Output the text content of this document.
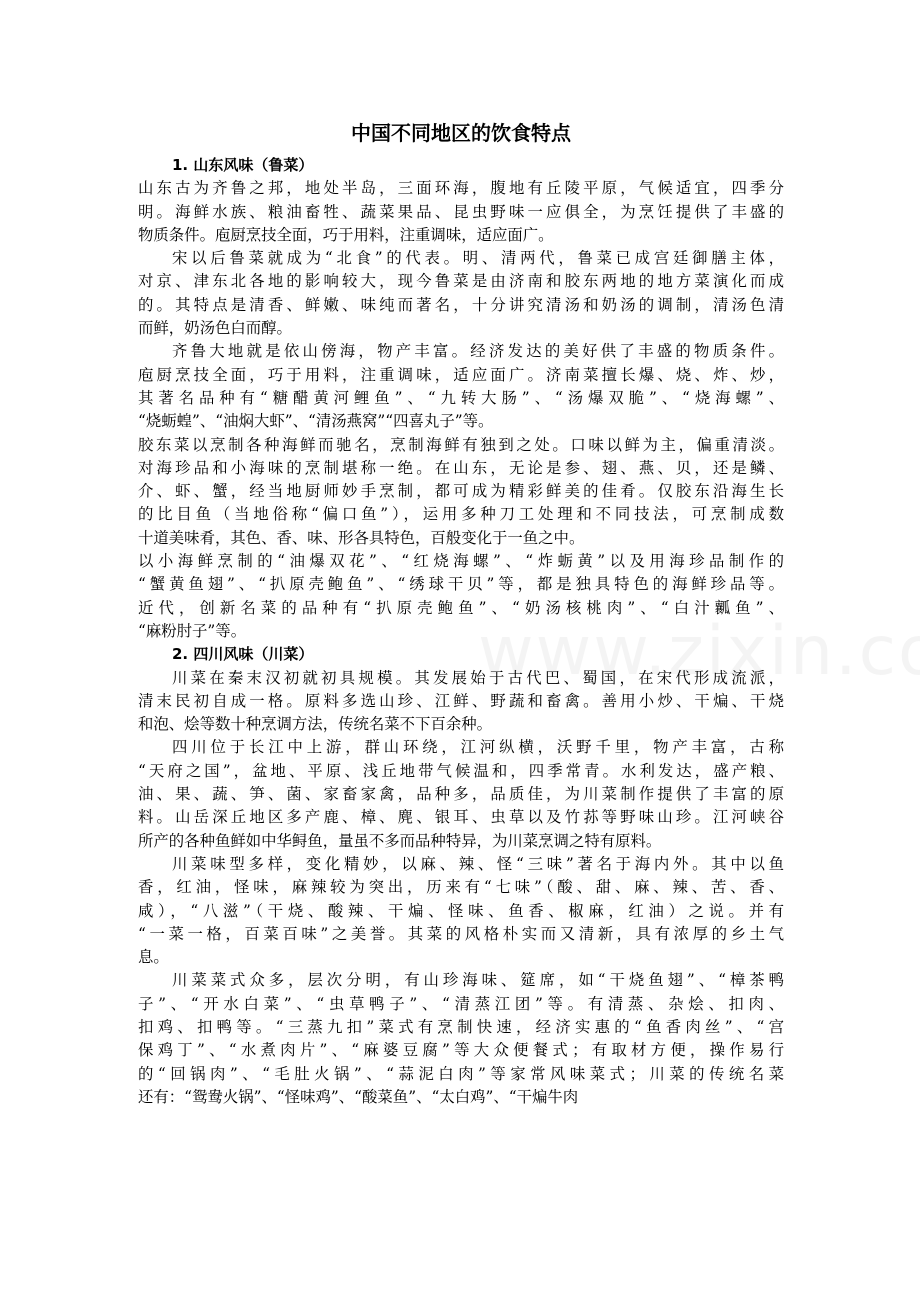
中国不同地区的饮食特点
1. 山东风味（鲁菜）
山东古为齐鲁之邦，地处半岛，三面环海，腹地有丘陵平原，气候适宜，四季分
明。海鲜水族、粮油畜牲、蔬菜果品、昆虫野味一应俱全，为烹饪提供了丰盛的
物质条件。庖厨烹技全面，巧于用料，注重调味，适应面广。
宋以后鲁菜就成为“北食”的代表。明、清两代，鲁菜已成宫廷御膳主体，
对京、津东北各地的影响较大，现今鲁菜是由济南和胶东两地的地方菜演化而成
的。其特点是清香、鲜嫩、味纯而著名，十分讲究清汤和奶汤的调制，清汤色清
而鲜，奶汤色白而醇。
齐鲁大地就是依山傍海，物产丰富。经济发达的美好供了丰盛的物质条件。
庖厨烹技全面，巧于用料，注重调味，适应面广。济南菜擅长爆、烧、炸、炒，
其著名品种有“糖醋黄河鲤鱼”、“九转大肠”、“汤爆双脆”、“烧海螺”、
“烧蛎蝗”、“油焖大虾”、“清汤燕窝”“四喜丸子”等。
胶东菜以烹制各种海鲜而驰名，烹制海鲜有独到之处。口味以鲜为主，偏重清淡。
对海珍品和小海味的烹制堪称一绝。在山东，无论是参、翅、燕、贝，还是鳞、
介、虾、蟹，经当地厨师妙手烹制，都可成为精彩鲜美的佳肴。仅胶东沿海生长
的比目鱼（当地俗称“偏口鱼”），运用多种刀工处理和不同技法，可烹制成数
十道美味肴，其色、香、味、形各具特色，百般变化于一鱼之中。
以小海鲜烹制的“油爆双花”、“红烧海螺”、“炸蛎黄”以及用海珍品制作的
“蟹黄鱼翅”、“扒原壳鲍鱼”、“绣球干贝”等，都是独具特色的海鲜珍品等。
近代，创新名菜的品种有“扒原壳鲍鱼”、“奶汤核桃肉”、“白汁瓤鱼”、
“麻粉肘子”等。
2. 四川风味（川菜）
川菜在秦末汉初就初具规模。其发展始于古代巴、蜀国，在宋代形成流派，
清末民初自成一格。原料多选山珍、江鲜、野蔬和畜禽。善用小炒、干煸、干烧
和泡、烩等数十种烹调方法，传统名菜不下百余种。
四川位于长江中上游，群山环绕，江河纵横，沃野千里，物产丰富，古称
“天府之国”，盆地、平原、浅丘地带气候温和，四季常青。水利发达，盛产粮、
油、果、蔬、笋、菌、家畜家禽，品种多，品质佳，为川菜制作提供了丰富的原
料。山岳深丘地区多产鹿、樟、麂、银耳、虫草以及竹荪等野味山珍。江河峡谷
所产的各种鱼鲜如中华鲟鱼，量虽不多而品种特异，为川菜烹调之特有原料。
川菜味型多样，变化精妙，以麻、辣、怪“三味”著名于海内外。其中以鱼
香，红油，怪味，麻辣较为突出，历来有“七味”（酸、甜、麻、辣、苦、香、
咸），“八滋”（干烧、酸辣、干煸、怪味、鱼香、椒麻，红油）之说。并有
“一菜一格，百菜百味”之美誉。其菜的风格朴实而又清新，具有浓厚的乡土气
息。
川菜菜式众多，层次分明，有山珍海味、筵席，如“干烧鱼翅”、“樟茶鸭
子”、“开水白菜”、“虫草鸭子”、“清蒸江团”等。有清蒸、杂烩、扣肉、
扣鸡、扣鸭等。“三蒸九扣”菜式有烹制快速，经济实惠的“鱼香肉丝”、“宫
保鸡丁”、“水煮肉片”、“麻婆豆腐”等大众便餐式；有取材方便，操作易行
的“回锅肉”、“毛肚火锅”、“蒜泥白肉”等家常风味菜式；川菜的传统名菜
还有：“鸳鸯火锅”、“怪味鸡”、“酸菜鱼”、“太白鸡”、“干煸牛肉
